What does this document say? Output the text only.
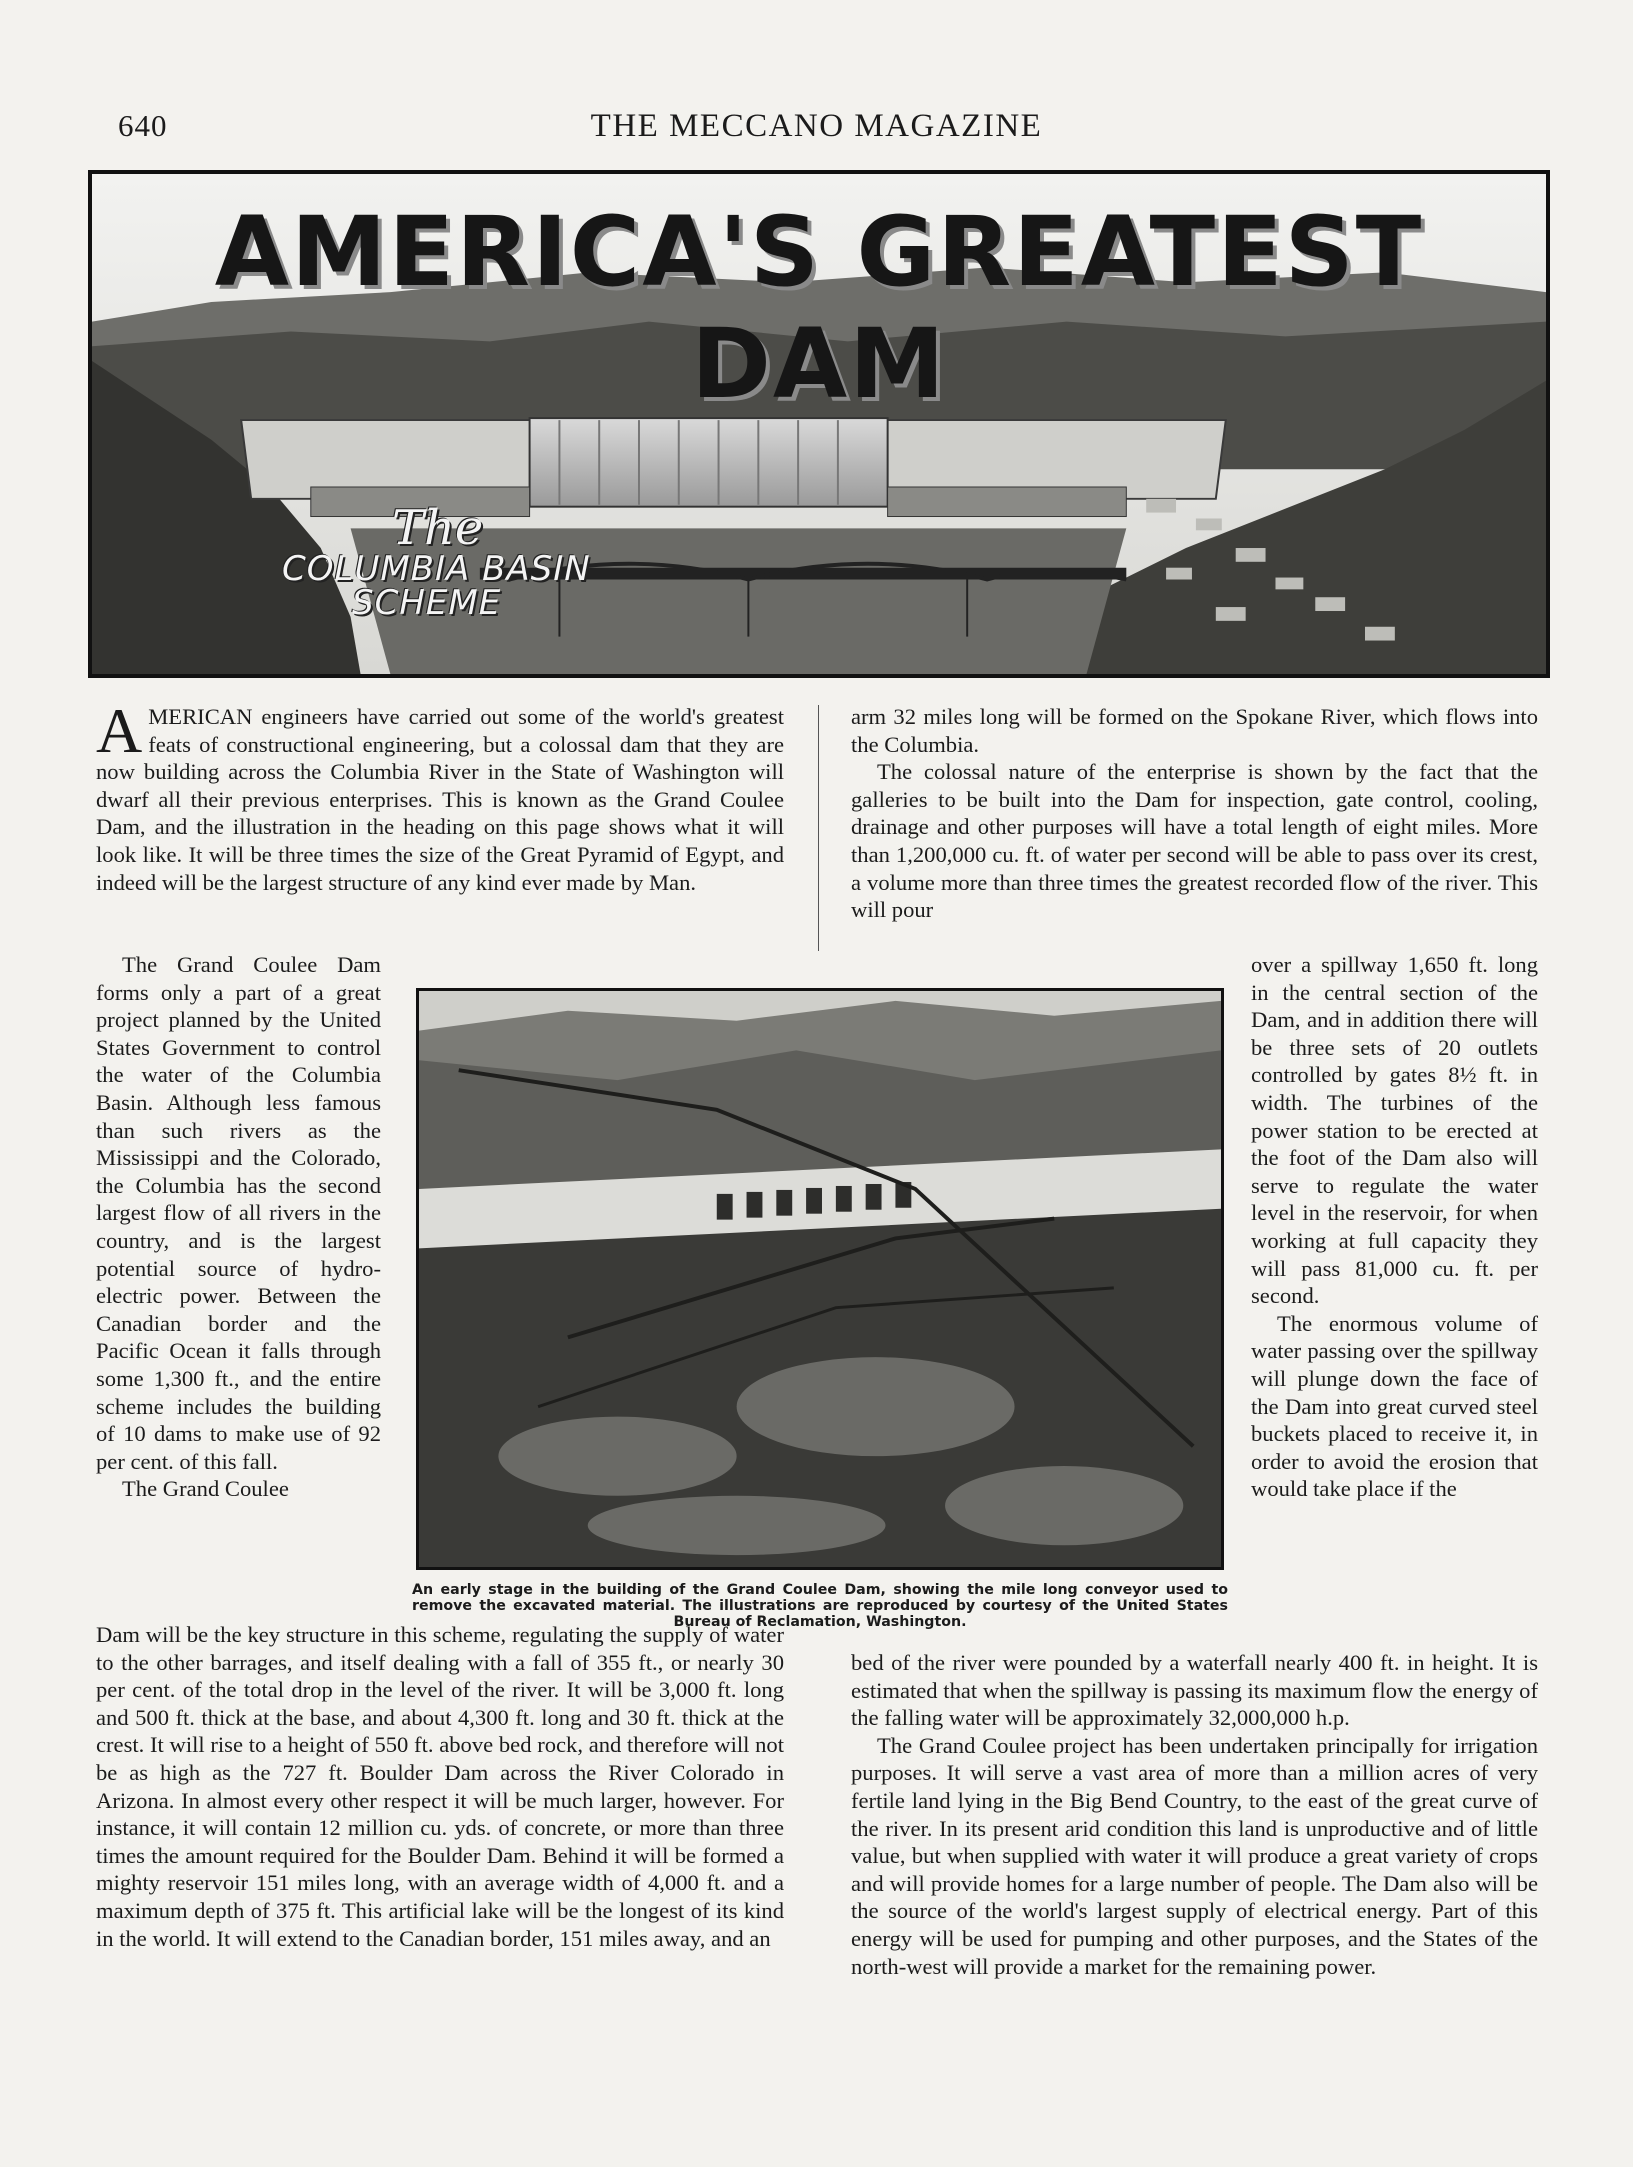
640	THE MECCANO MAGAZINE
AMERICA'S GREATEST DAM
The
COLUMBIA BASIN
SCHEME

AMERICAN engineers have carried out some of the world's greatest feats of constructional engineering, but a colossal dam that they are now building across the Columbia River in the State of Washington will dwarf all their previous enterprises. This is known as the Grand Coulee Dam, and the illustration in the heading on this page shows what it will look like. It will be three times the size of the Great Pyramid of Egypt, and indeed will be the largest structure of any kind ever made by Man.

The Grand Coulee Dam forms only a part of a great project planned by the United States Government to control the water of the Columbia Basin. Although less famous than such rivers as the Mississippi and the Colorado, the Columbia has the second largest flow of all rivers in the country, and is the largest potential source of hydro-electric power. Between the Canadian border and the Pacific Ocean it falls through some 1,300 ft., and the entire scheme includes the building of 10 dams to make use of 92 per cent. of this fall.

The Grand Coulee

Dam will be the key structure in this scheme, regulating the supply of water to the other barrages, and itself dealing with a fall of 355 ft., or nearly 30 per cent. of the total drop in the level of the river. It will be 3,000 ft. long and 500 ft. thick at the base, and about 4,300 ft. long and 30 ft. thick at the crest. It will rise to a height of 550 ft. above bed rock, and therefore will not be as high as the 727 ft. Boulder Dam across the River Colorado in Arizona. In almost every other respect it will be much larger, however. For instance, it will contain 12 million cu. yds. of concrete, or more than three times the amount required for the Boulder Dam. Behind it will be formed a mighty reservoir 151 miles long, with an average width of 4,000 ft. and a maximum depth of 375 ft. This artificial lake will be the longest of its kind in the world. It will extend to the Canadian border, 151 miles away, and an

arm 32 miles long will be formed on the Spokane River, which flows into the Columbia.

The colossal nature of the enterprise is shown by the fact that the galleries to be built into the Dam for inspection, gate control, cooling, drainage and other purposes will have a total length of eight miles. More than 1,200,000 cu. ft. of water per second will be able to pass over its crest, a volume more than three times the greatest recorded flow of the river. This will pour

over a spillway 1,650 ft. long in the central section of the Dam, and in addition there will be three sets of 20 outlets controlled by gates 8½ ft. in width. The turbines of the power station to be erected at the foot of the Dam also will serve to regulate the water level in the reservoir, for when working at full capacity they will pass 81,000 cu. ft. per second.

The enormous volume of water passing over the spillway will plunge down the face of the Dam into great curved steel buckets placed to receive it, in order to avoid the erosion that would take place if the

bed of the river were pounded by a waterfall nearly 400 ft. in height. It is estimated that when the spillway is passing its maximum flow the energy of the falling water will be approximately 32,000,000 h.p.

The Grand Coulee project has been undertaken principally for irrigation purposes. It will serve a vast area of more than a million acres of very fertile land lying in the Big Bend Country, to the east of the great curve of the river. In its present arid condition this land is unproductive and of little value, but when supplied with water it will produce a great variety of crops and will provide homes for a large number of people. The Dam also will be the source of the world's largest supply of electrical energy. Part of this energy will be used for pumping and other purposes, and the States of the north-west will provide a market for the remaining power.

An early stage in the building of the Grand Coulee Dam, showing the mile long conveyor used to remove the excavated material. The illustrations are reproduced by courtesy of the United States Bureau of Reclamation, Washington.
